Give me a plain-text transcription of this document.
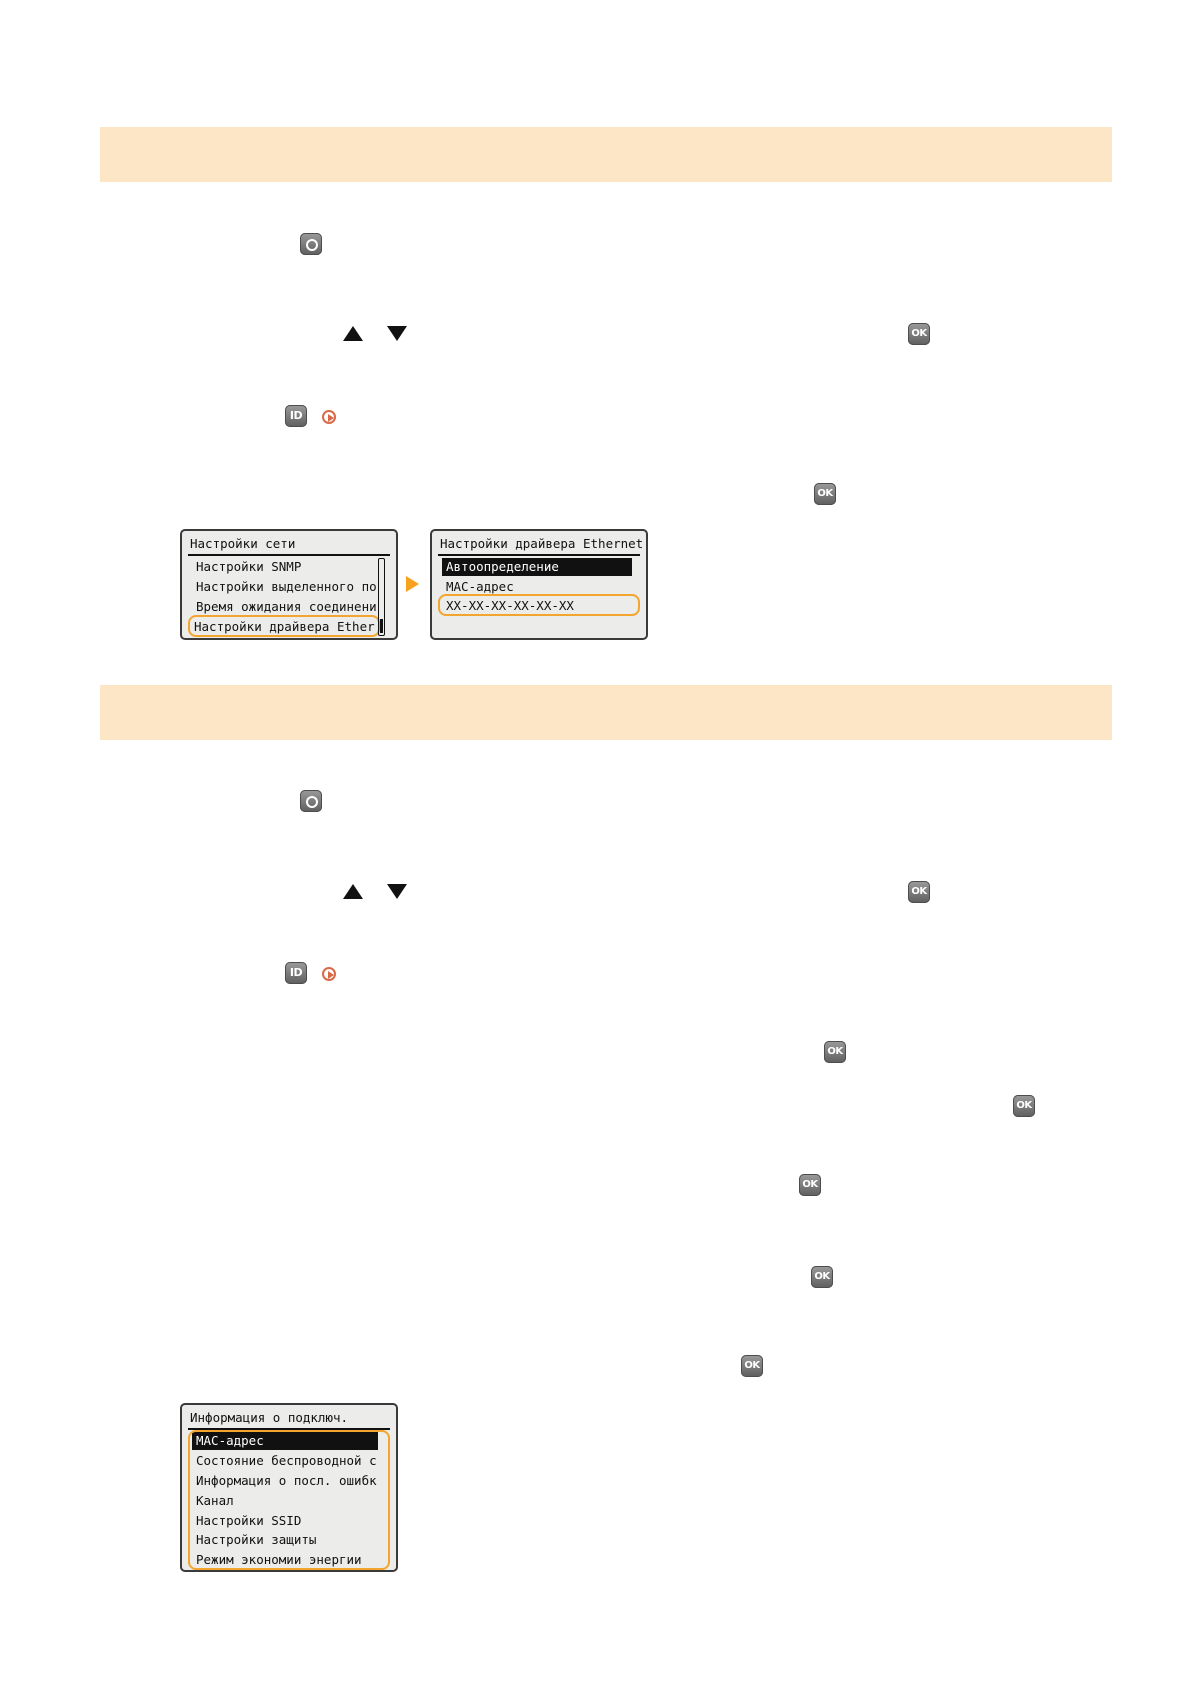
OK
ID
OK
Настройки сети
Настройки SNMP
Настройки выделенного по
Время ожидания соединени
Настройки драйвера Ether
Настройки драйвера Ethernet
Автоопределение
MAC-адрес
XX-XX-XX-XX-XX-XX
OK
ID
OK
OK
OK
OK
OK
Информация о подключ.
MAC-адрес
Состояние беспроводной с
Информация о посл. ошибк
Канал
Настройки SSID
Настройки защиты
Режим экономии энергии
